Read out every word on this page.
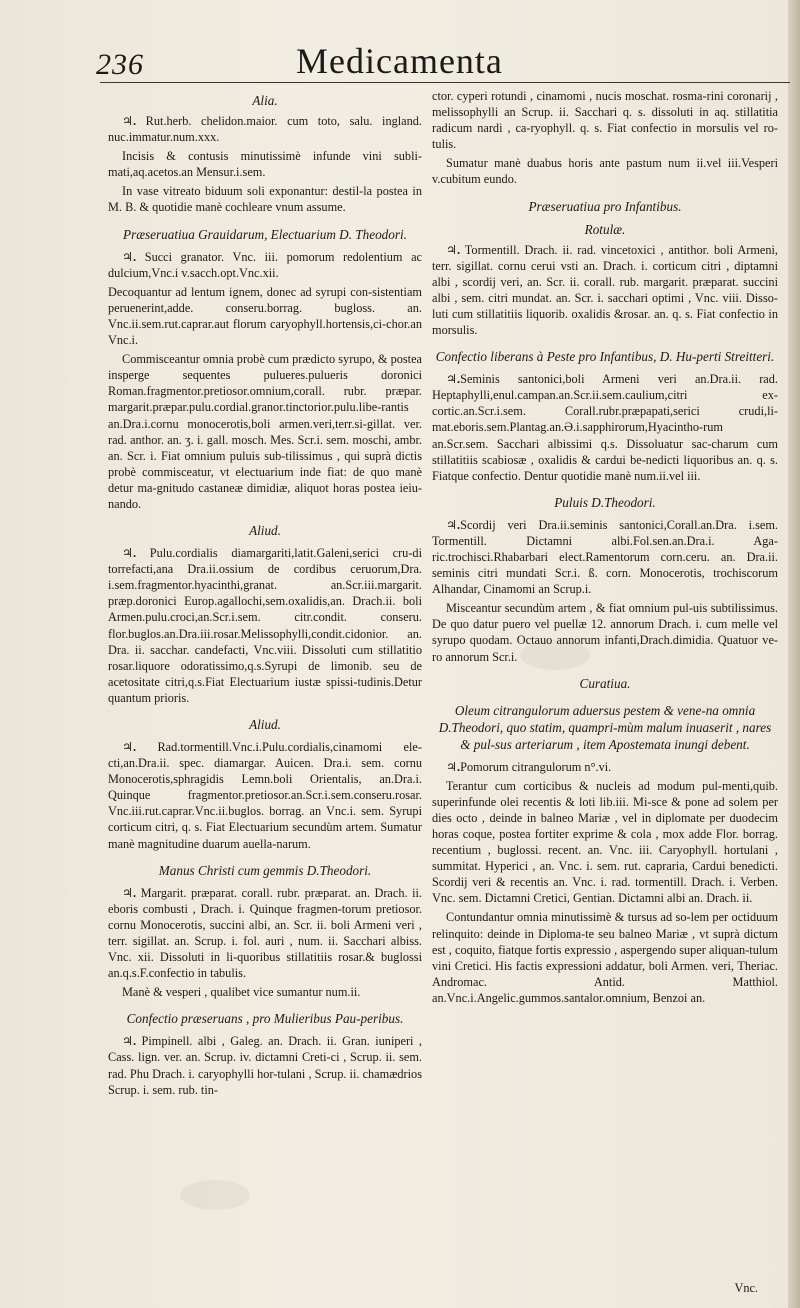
236	Medicamenta
Alia.

♃. Rut.herb. chelidon.maior. cum toto, salu. ingland. nuc.immatur.num.xxx.

Incisis & contusis minutissimè infunde vini subli-mati,aq.acetos.an Mensur.i.sem.

In vase vitreato biduum soli exponantur: destil-la postea in M. B. & quotidie manè cochleare vnum assume.

Præseruatiua Grauidarum, Electuarium D. Theodori.

♃. Succi granator. Vnc. iii. pomorum redolentium ac dulcium,Vnc.i v.sacch.opt.Vnc.xii.

Decoquantur ad lentum ignem, donec ad syrupi con-sistentiam peruenerint,adde. conseru.borrag. bugloss. an. Vnc.ii.sem.rut.caprar.aut florum caryophyll.hortensis,ci-chor.an Vnc.i.

Commisceantur omnia probè cum prædicto syrupo, & postea insperge sequentes pulueres.pulueris doronici Roman.fragmentor.pretiosor.omnium,corall. rubr. præpar. margarit.præpar.pulu.cordial.granor.tinctorior.pulu.libe-rantis an.Dra.i.cornu monocerotis,boli armen.veri,terr.si-gillat. ver. rad. anthor. an. ʒ. i. gall. mosch. Mes. Scr.i. sem. moschi, ambr. an. Scr. i. Fiat omnium puluis sub-tilissimus , qui suprà dictis probè commisceatur, vt electuarium inde fiat: de quo manè detur ma-gnitudo castaneæ dimidiæ, aliquot horas postea ieiu-nando.

Aliud.

♃. Pulu.cordialis diamargariti,latit.Galeni,serici cru-di torrefacti,ana Dra.ii.ossium de cordibus ceruorum,Dra. i.sem.fragmentor.hyacinthi,granat. an.Scr.iii.margarit. præp.doronici Europ.agallochi,sem.oxalidis,an. Drach.ii. boli Armen.pulu.croci,an.Scr.i.sem. citr.condit. conseru. flor.buglos.an.Dra.iii.rosar.Melissophylli,condit.cidonior. an. Dra. ii. sacchar. candefacti, Vnc.viii. Dissoluti cum stillatitio rosar.liquore odoratissimo,q.s.Syrupi de limonib. seu de acetositate citri,q.s.Fiat Electuarium iustæ spissi-tudinis.Detur quantum prioris.

Aliud.

♃. Rad.tormentill.Vnc.i.Pulu.cordialis,cinamomi ele-cti,an.Dra.ii. spec. diamargar. Auicen. Dra.i. sem. cornu Monocerotis,sphragidis Lemn.boli Orientalis, an.Dra.i. Quinque fragmentor.pretiosor.an.Scr.i.sem.conseru.rosar. Vnc.iii.rut.caprar.Vnc.ii.buglos. borrag. an Vnc.i. sem. Syrupi corticum citri, q. s. Fiat Electuarium secundùm artem. Sumatur manè magnitudine duarum auella-narum.

Manus Christi cum gemmis D.Theodori.

♃. Margarit. præparat. corall. rubr. præparat. an. Drach. ii. eboris combusti , Drach. i. Quinque fragmen-torum pretiosor. cornu Monocerotis, succini albi, an. Scr. ii. boli Armeni veri , terr. sigillat. an. Scrup. i. fol. auri , num. ii. Sacchari albiss. Vnc. xii. Dissoluti in li-quoribus stillatitiis rosar.& buglossi an.q.s.F.confectio in tabulis.

Manè & vesperi , qualibet vice sumantur num.ii.

Confectio præseruans , pro Mulieribus Pau-peribus.

♃. Pimpinell. albi , Galeg. an. Drach. ii. Gran. iuniperi , Cass. lign. ver. an. Scrup. iv. dictamni Creti-ci , Scrup. ii. sem. rad. Phu Drach. i. caryophylli hor-tulani , Scrup. ii. chamædrios Scrup. i. sem. rub. tin-

ctor. cyperi rotundi , cinamomi , nucis moschat. rosma-rini coronarij , melissophylli an Scrup. ii. Sacchari q. s. dissoluti in aq. stillatitia radicum nardi , ca-ryophyll. q. s. Fiat confectio in morsulis vel ro-tulis.

Sumatur manè duabus horis ante pastum num ii.vel iii.Vesperi v.cubitum eundo.

Præseruatiua pro Infantibus.
Rotulæ.

♃. Tormentill. Drach. ii. rad. vincetoxici , antithor. boli Armeni, terr. sigillat. cornu cerui vsti an. Drach. i. corticum citri , diptamni albi , scordij veri, an. Scr. ii. corall. rub. margarit. præparat. succini albi , sem. citri mundat. an. Scr. i. sacchari optimi , Vnc. viii. Disso-luti cum stillatitiis liquorib. oxalidis &rosar. an. q. s. Fiat confectio in morsulis.

Confectio liberans à Peste pro Infantibus, D. Hu-perti Streitteri.

♃.Seminis santonici,boli Armeni veri an.Dra.ii. rad. Heptaphylli,enul.campan.an.Scr.ii.sem.caulium,citri ex-cortic.an.Scr.i.sem. Corall.rubr.præpapati,serici crudi,li-mat.eboris.sem.Plantag.an.Ə.i.sapphirorum,Hyacintho-rum an.Scr.sem. Sacchari albissimi q.s. Dissoluatur sac-charum cum stillatitiis scabiosæ , oxalidis & cardui be-nedicti liquoribus an. q. s. Fiatque confectio. Dentur quotidie manè num.ii.vel iii.

Puluis D.Theodori.

♃.Scordij veri Dra.ii.seminis santonici,Corall.an.Dra. i.sem. Tormentill. Dictamni albi.Fol.sen.an.Dra.i. Aga-ric.trochisci.Rhabarbari elect.Ramentorum corn.ceru. an. Dra.ii. seminis citri mundati Scr.i. ß. corn. Monocerotis, trochiscorum Alhandar, Cinamomi an Scrup.i.

Misceantur secundùm artem , & fiat omnium pul-uis subtilissimus. De quo datur puero vel puellæ 12. annorum Drach. i. cum melle vel syrupo quodam. Octauo annorum infanti,Drach.dimidia. Quatuor ve-ro annorum Scr.i.

Curatiua.
Oleum citrangulorum aduersus pestem & vene-na omnia D.Theodori, quo statim, quampri-mùm malum inuaserit , nares & pul-sus arteriarum , item Apostemata inungi debent.

♃.Pomorum citrangulorum n°.vi.

Terantur cum corticibus & nucleis ad modum pul-menti,quib. superinfunde olei recentis & loti lib.iii. Mi-sce & pone ad solem per dies octo , deinde in balneo Mariæ , vel in diplomate per duodecim horas coque, postea fortiter exprime & cola , mox adde Flor. borrag. recentium , buglossi. recent. an. Vnc. iii. Caryophyll. hortulani , summitat. Hyperici , an. Vnc. i. sem. rut. capraria, Cardui benedicti. Scordij veri & recentis an. Vnc. i. rad. tormentill. Drach. i. Verben. Vnc. sem. Dictamni Cretici, Gentian. Dictamni albi an. Drach. ii.

Contundantur omnia minutissimè & tursus ad so-lem per octiduum relinquito: deinde in Diploma-te seu balneo Mariæ , vt suprà dictum est , coquito, fiatque fortis expressio , aspergendo super aliquan-tulum vini Cretici. His factis expressioni addatur, boli Armen. veri, Theriac. Andromac. Antid. Matthiol. an.Vnc.i.Angelic.gummos.santalor.omnium, Benzoi an.

Vnc.
